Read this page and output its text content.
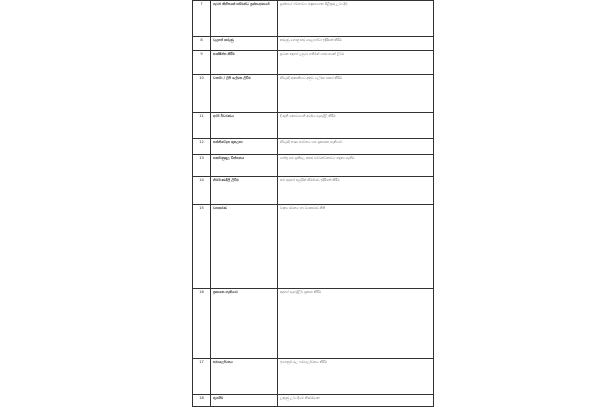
7	ගැටළු කිහිපයක් සම්බන්ධ ප්‍රශ්නය/කාර්ය	ප්‍රශ්නයේ ස්වභාවය හඳුනාගෙන පිළිතුරු ලබා දීම
8	වැදගත් කරුණු	කරුණු ගොනු කර පෙළගස්වා ඉදිරිපත් කිරීම
9	සංක්ෂිප්ත කිරීම	ප්‍රධාන අදහස් උපුටා ගනිමින් සාරාංශයක් ලිවීම
10	වාර්තා / ලිපි ලේඛන ලිවීම	නිවැරදි ආකෘතියට අනුව ලේඛන සකස් කිරීම
11	අර්ථ විවරණය	දී ඇති කොටසෙහි අර්ථය පැහැදිලි කිරීම
12	සන්නිවේදන කුසලතා	නිවැරදි භාෂා භාවිතය සහ ප්‍රකාශන හැකියාව
13	තර්කානුකූල චින්තනය	හේතු සහ ප්‍රතිඵල අතර සම්බන්ධතාවය හඳුනා ගැනීම
14	නිර්මාණශීලී ලිවීම	නව අදහස් ඇසුරින් නිර්මාණ ඉදිරිපත් කිරීම
15	ව්‍යාකරණ	වාක්‍ය රචනය හා ව්‍යාකරණ නීති
16	ප්‍රකාශන හැකියාව	අදහස් පැහැදිලිව ප්‍රකාශ කිරීම
17	සමාලෝචනය	ඉගෙනුම් ඵල සමාලෝචනය කිරීම
18	ඇගයීම	ලකුණු ලබා දීමේ නිර්ණායක
